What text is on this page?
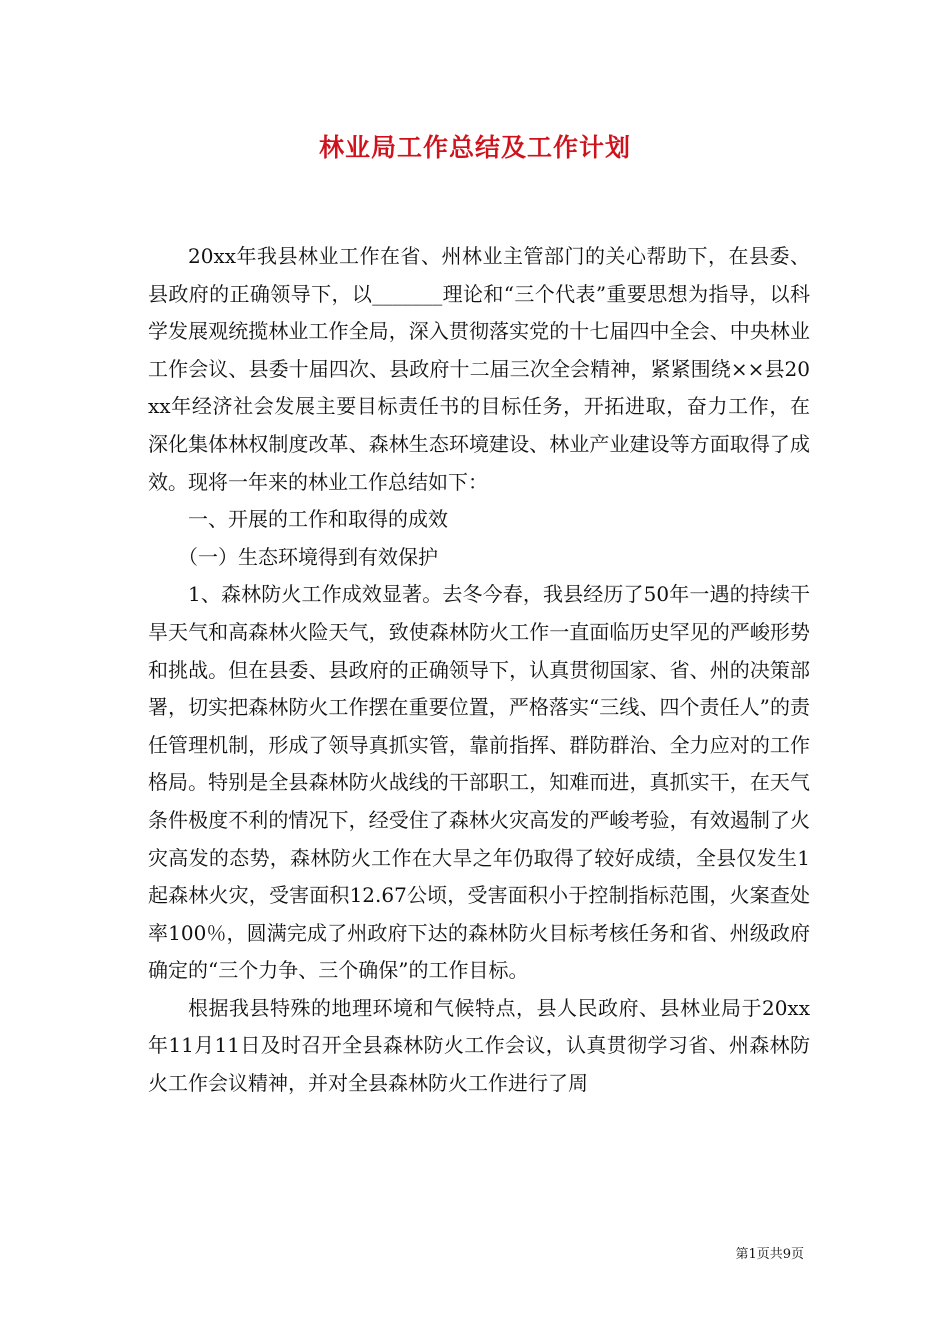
林业局工作总结及工作计划

20xx年我县林业工作在省、州林业主管部门的关心帮助下，在县委、县政府的正确领导下，以_______理论和“三个代表”重要思想为指导，以科学发展观统揽林业工作全局，深入贯彻落实党的十七届四中全会、中央林业工作会议、县委十届四次、县政府十二届三次全会精神，紧紧围绕××县20xx年经济社会发展主要目标责任书的目标任务，开拓进取，奋力工作，在深化集体林权制度改革、森林生态环境建设、林业产业建设等方面取得了成效。现将一年来的林业工作总结如下：

一、开展的工作和取得的成效

（一）生态环境得到有效保护

1、森林防火工作成效显著。去冬今春，我县经历了50年一遇的持续干旱天气和高森林火险天气，致使森林防火工作一直面临历史罕见的严峻形势和挑战。但在县委、县政府的正确领导下，认真贯彻国家、省、州的决策部署，切实把森林防火工作摆在重要位置，严格落实“三线、四个责任人”的责任管理机制，形成了领导真抓实管，靠前指挥、群防群治、全力应对的工作格局。特别是全县森林防火战线的干部职工，知难而进，真抓实干，在天气条件极度不利的情况下，经受住了森林火灾高发的严峻考验，有效遏制了火灾高发的态势，森林防火工作在大旱之年仍取得了较好成绩，全县仅发生1起森林火灾，受害面积12.67公顷，受害面积小于控制指标范围，火案查处率100％，圆满完成了州政府下达的森林防火目标考核任务和省、州级政府确定的“三个力争、三个确保”的工作目标。

根据我县特殊的地理环境和气候特点，县人民政府、县林业局于20xx年11月11日及时召开全县森林防火工作会议，认真贯彻学习省、州森林防火工作会议精神，并对全县森林防火工作进行了周

第1页共9页
